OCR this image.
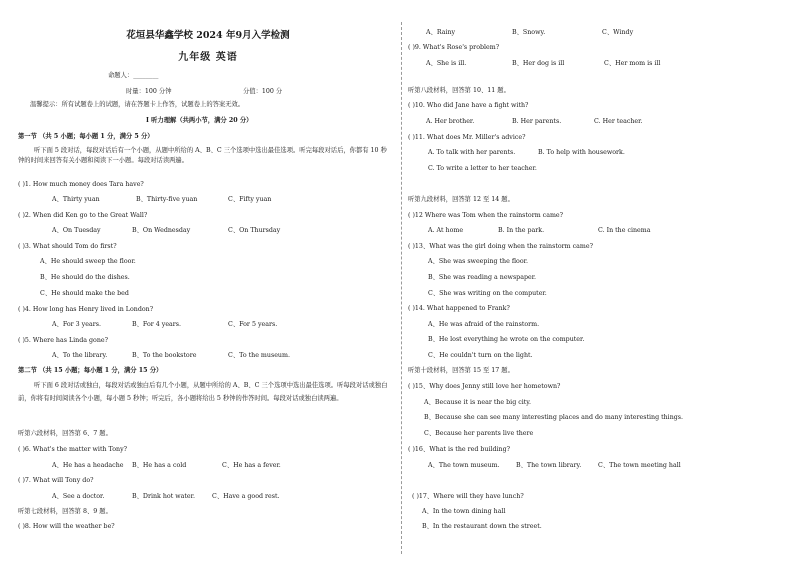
花垣县华鑫学校 2024 年9月入学检测
九年级 英语
命题人：________
时量：100 分钟	分值：100 分
温馨提示：所有试题卷上的试题，请在答题卡上作答，试题卷上的答案无效。
Ⅰ 听力理解（共两小节，满分 20 分）
第一节 （共 5 小题；每小题 1 分，满分 5 分）
听下面 5 段对话，每段对话后有一个小题，从题中所给的 A、B、C 三个选项中选出最佳选项。听完每段对话后，你都有 10 秒钟的时间来回答有关小题和阅读下一小题。每段对话读两遍。
( )1. How much money does Tara have?
A、Thirty yuan	B、Thirty-five yuan	C、Fifty yuan
( )2. When did Ken go to the Great Wall?
A、On Tuesday	B、On Wednesday	C、On Thursday
( )3. What should Tom do first?
A、He should sweep the floor.
B、He should do the dishes.
C、He should make the bed
( )4. How long has Henry lived in London?
A、For 3 years.	B、For 4 years.	C、For 5 years.
( )5. Where has Linda gone?
A、To the library.	B、To the bookstore	C、To the museum.
第二节 （共 15 小题；每小题 1 分，满分 15 分）
听下面 6 段对话或独白，每段对话或独白后有几个小题，从题中所给的 A、B、C 三个选项中选出最佳选项。听每段对话或独白前，你将有时间阅读各个小题，每小题 5 秒钟；听完后，各小题将给出 5 秒钟的作答时间。每段对话或独白读两遍。
听第六段材料，回答第 6、7 题。
( )6. What's the matter with Tony?
A、He has a headache B、He has a cold	C、He has a fever.
( )7. What will Tony do?
A、See a doctor.	B、Drink hot water.	C、Have a good rest.
听第七段材料，回答第 8、9 题。
( )8. How will the weather be?
A、Rainy	B、Snowy.	C、Windy
( )9. What's Rose's problem?
A、She is ill.	B、Her dog is ill	C、Her mom is ill
听第八段材料，回答第 10、11 题。
( )10. Who did Jane have a fight with?
A. Her brother.	B. Her parents.	C. Her teacher.
( )11. What does Mr. Miller's advice?
A. To talk with her parents.	B. To help with housework.
C. To write a letter to her teacher.
听第九段材料，回答第 12 至 14 题。
( )12 Where was Tom when the rainstorm came?
A. At home	B. In the park.	C. In the cinema
( )13、What was the girl doing when the rainstorm came?
A、She was sweeping the floor.
B、She was reading a newspaper.
C、She was writing on the computer.
( )14. What happened to Frank?
A、He was afraid of the rainstorm.
B、He lost everything he wrote on the computer.
C、He couldn't turn on the light.
听第十段材料，回答第 15 至 17 题。
( )15、Why does Jenny still love her hometown?
A、Because it is near the big city.
B、Because she can see many interesting places and do many interesting things.
C、Because her parents live there
( )16、What is the red building?
A、The town museum.	B、The town library.	C、The town meeting hall
( )17、Where will they have lunch?
A、In the town dining hall
B、In the restaurant down the street.
